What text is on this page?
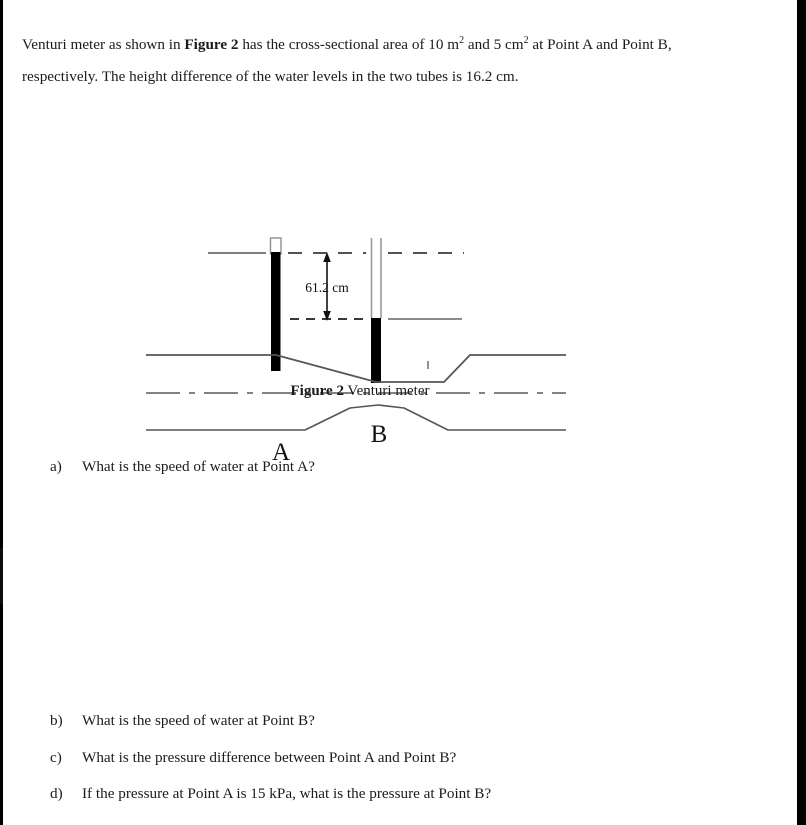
Venturi meter as shown in Figure 2 has the cross-sectional area of 10 $m^2$ and 5 $cm^2$ at Point A and Point B, respectively. The height difference of the water levels in the two tubes is 16.2 cm.

61.2 cm
A
B
Figure 2 Venturi meter
a) What is the speed of water at Point A?
b) What is the speed of water at Point B?
c) What is the pressure difference between Point A and Point B?
d) If the pressure at Point A is 15 kPa, what is the pressure at Point B?
